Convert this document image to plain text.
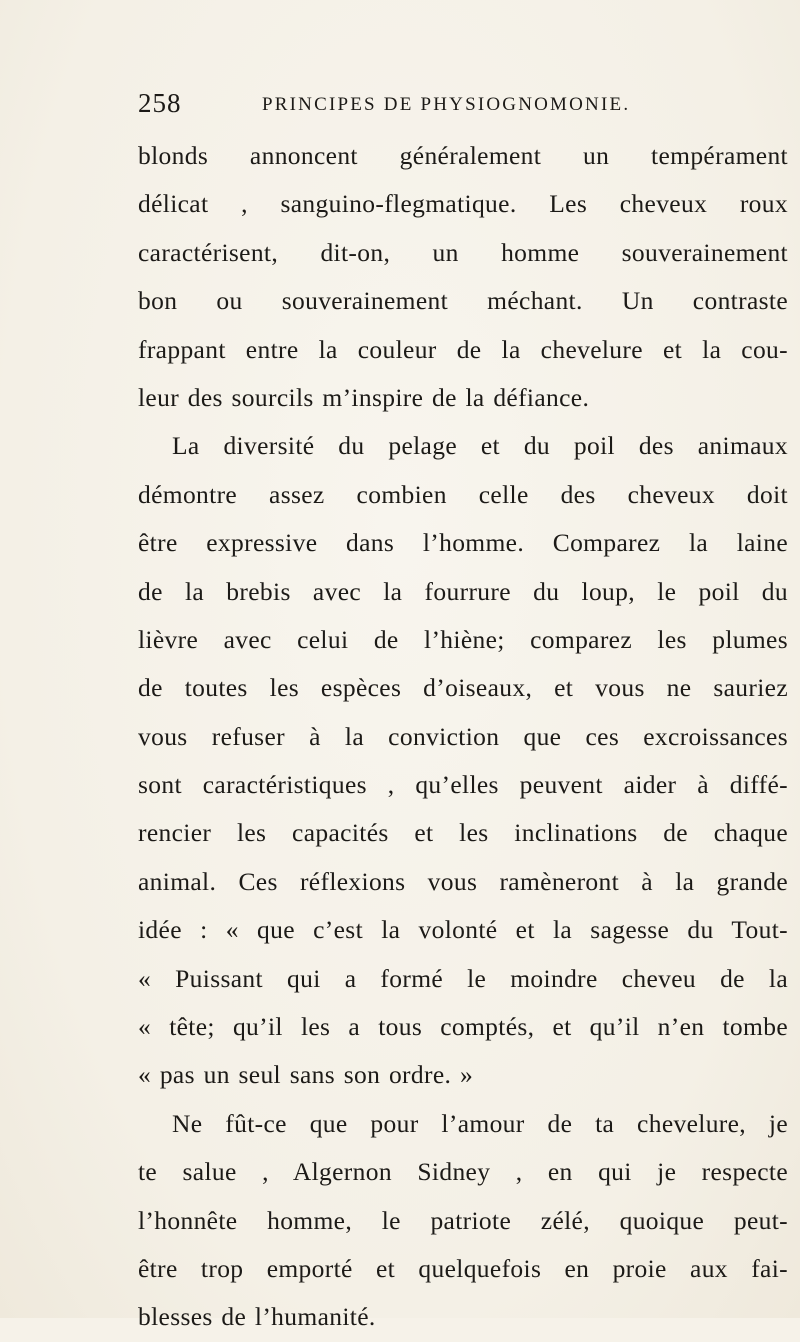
258	PRINCIPES DE PHYSIOGNOMONIE.
blonds annoncent généralement un tempérament
délicat , sanguino-flegmatique. Les cheveux roux
caractérisent, dit-on, un homme souverainement
bon ou souverainement méchant. Un contraste
frappant entre la couleur de la chevelure et la cou-
leur des sourcils m’inspire de la défiance.
La diversité du pelage et du poil des animaux
démontre assez combien celle des cheveux doit
être expressive dans l’homme. Comparez la laine
de la brebis avec la fourrure du loup, le poil du
lièvre avec celui de l’hiène; comparez les plumes
de toutes les espèces d’oiseaux, et vous ne sauriez
vous refuser à la conviction que ces excroissances
sont caractéristiques , qu’elles peuvent aider à diffé-
rencier les capacités et les inclinations de chaque
animal. Ces réflexions vous ramèneront à la grande
idée : « que c’est la volonté et la sagesse du Tout-
« Puissant qui a formé le moindre cheveu de la
« tête; qu’il les a tous comptés, et qu’il n’en tombe
« pas un seul sans son ordre. »
Ne fût-ce que pour l’amour de ta chevelure, je
te salue , Algernon Sidney , en qui je respecte
l’honnête homme, le patriote zélé, quoique peut-
être trop emporté et quelquefois en proie aux fai-
blesses de l’humanité.
